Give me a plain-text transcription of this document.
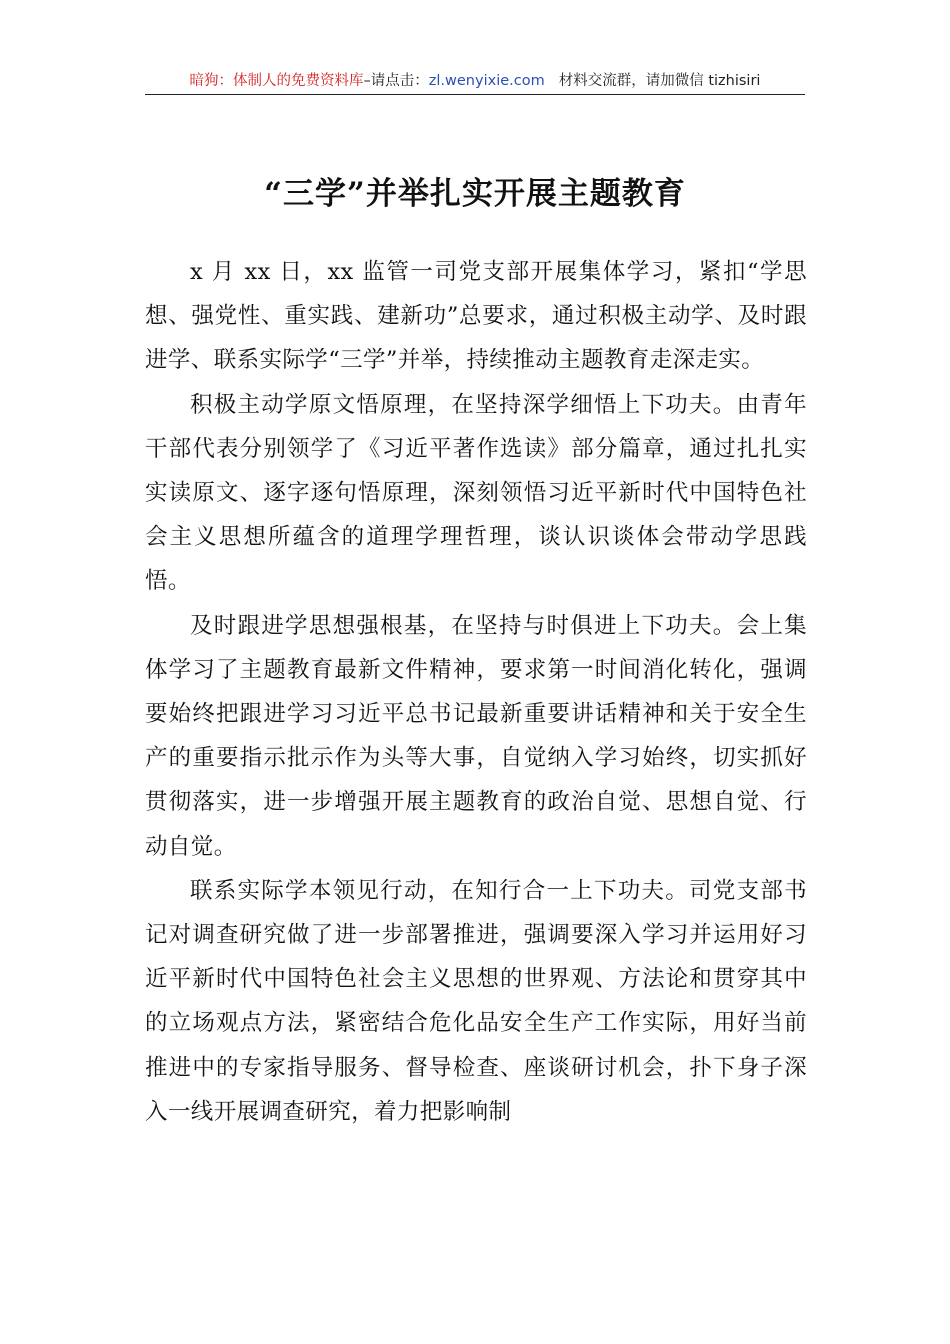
暗狗：体制人的免费资料库–请点击：zl.wenyixie.com 材料交流群，请加微信 tizhisiri
“三学”并举扎实开展主题教育

x 月 xx 日，xx 监管一司党支部开展集体学习，紧扣“学思想、强党性、重实践、建新功”总要求，通过积极主动学、及时跟进学、联系实际学“三学”并举，持续推动主题教育走深走实。

积极主动学原文悟原理，在坚持深学细悟上下功夫。由青年干部代表分别领学了《习近平著作选读》部分篇章，通过扎扎实实读原文、逐字逐句悟原理，深刻领悟习近平新时代中国特色社会主义思想所蕴含的道理学理哲理，谈认识谈体会带动学思践悟。

及时跟进学思想强根基，在坚持与时俱进上下功夫。会上集体学习了主题教育最新文件精神，要求第一时间消化转化，强调要始终把跟进学习习近平总书记最新重要讲话精神和关于安全生产的重要指示批示作为头等大事，自觉纳入学习始终，切实抓好贯彻落实，进一步增强开展主题教育的政治自觉、思想自觉、行动自觉。

联系实际学本领见行动，在知行合一上下功夫。司党支部书记对调查研究做了进一步部署推进，强调要深入学习并运用好习近平新时代中国特色社会主义思想的世界观、方法论和贯穿其中的立场观点方法，紧密结合危化品安全生产工作实际，用好当前推进中的专家指导服务、督导检查、座谈研讨机会，扑下身子深入一线开展调查研究，着力把影响制
